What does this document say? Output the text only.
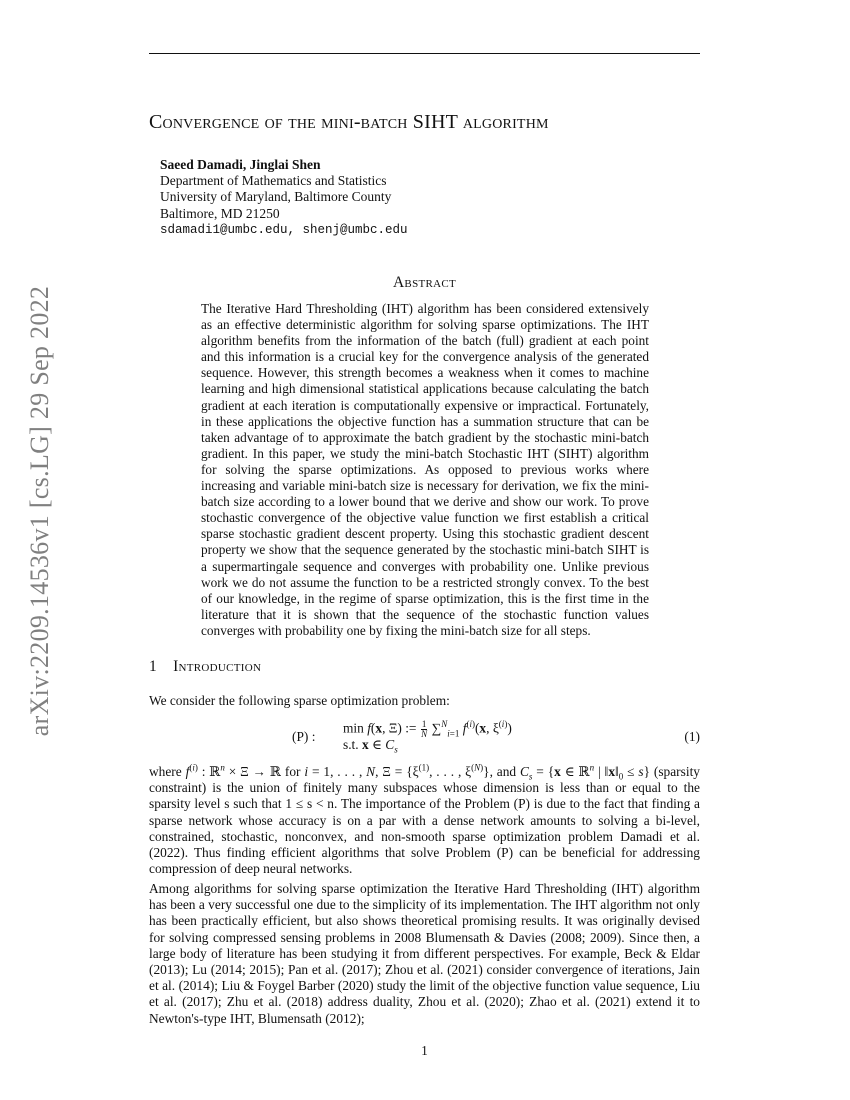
arXiv:2209.14536v1 [cs.LG] 29 Sep 2022
Convergence of the mini-batch SIHT algorithm
Saeed Damadi, Jinglai Shen
Department of Mathematics and Statistics
University of Maryland, Baltimore County
Baltimore, MD 21250
sdamadi1@umbc.edu, shenj@umbc.edu
Abstract
The Iterative Hard Thresholding (IHT) algorithm has been considered extensively as an effective deterministic algorithm for solving sparse optimizations. The IHT algorithm benefits from the information of the batch (full) gradient at each point and this information is a crucial key for the convergence analysis of the generated sequence. However, this strength becomes a weakness when it comes to machine learning and high dimensional statistical applications because calculating the batch gradient at each iteration is computationally expensive or impractical. Fortunately, in these applications the objective function has a summation structure that can be taken advantage of to approximate the batch gradient by the stochastic mini-batch gradient. In this paper, we study the mini-batch Stochastic IHT (SIHT) algorithm for solving the sparse optimizations. As opposed to previous works where increasing and variable mini-batch size is necessary for derivation, we fix the mini-batch size according to a lower bound that we derive and show our work. To prove stochastic convergence of the objective value function we first establish a critical sparse stochastic gradient descent property. Using this stochastic gradient descent property we show that the sequence generated by the stochastic mini-batch SIHT is a supermartingale sequence and converges with probability one. Unlike previous work we do not assume the function to be a restricted strongly convex. To the best of our knowledge, in the regime of sparse optimization, this is the first time in the literature that it is shown that the sequence of the stochastic function values converges with probability one by fixing the mini-batch size for all steps.
1 Introduction
We consider the following sparse optimization problem:
(P) :
min f(x, Ξ) := $\frac{1}{N} \sum^N_{i=1}$ $f^{(i)}(x$, $\xi^{(i)}$)
s.t. x ∈ $C_s$
(1)
where $f^{(i)}$ : ℝ$^n$ × Ξ → ℝ for i = 1, . . . , N, $\Xi = \{\xi^{(1)}$, . . . , $\xi^{(N)}$}, and $C_s = \{x$ ∈ ℝ$^n$ | $‖x‖_0 \le s$} (sparsity constraint) is the union of finitely many subspaces whose dimension is less than or equal to the sparsity level s such that 1 ≤ s < n. The importance of the Problem (P) is due to the fact that finding a sparse network whose accuracy is on a par with a dense network amounts to solving a bi-level, constrained, stochastic, nonconvex, and non-smooth sparse optimization problem Damadi et al. (2022). Thus finding efficient algorithms that solve Problem (P) can be beneficial for addressing compression of deep neural networks.
Among algorithms for solving sparse optimization the Iterative Hard Thresholding (IHT) algorithm has been a very successful one due to the simplicity of its implementation. The IHT algorithm not only has been practically efficient, but also shows theoretical promising results. It was originally devised for solving compressed sensing problems in 2008 Blumensath & Davies (2008; 2009). Since then, a large body of literature has been studying it from different perspectives. For example, Beck & Eldar (2013); Lu (2014; 2015); Pan et al. (2017); Zhou et al. (2021) consider convergence of iterations, Jain et al. (2014); Liu & Foygel Barber (2020) study the limit of the objective function value sequence, Liu et al. (2017); Zhu et al. (2018) address duality, Zhou et al. (2020); Zhao et al. (2021) extend it to Newton's-type IHT, Blumensath (2012);
1
